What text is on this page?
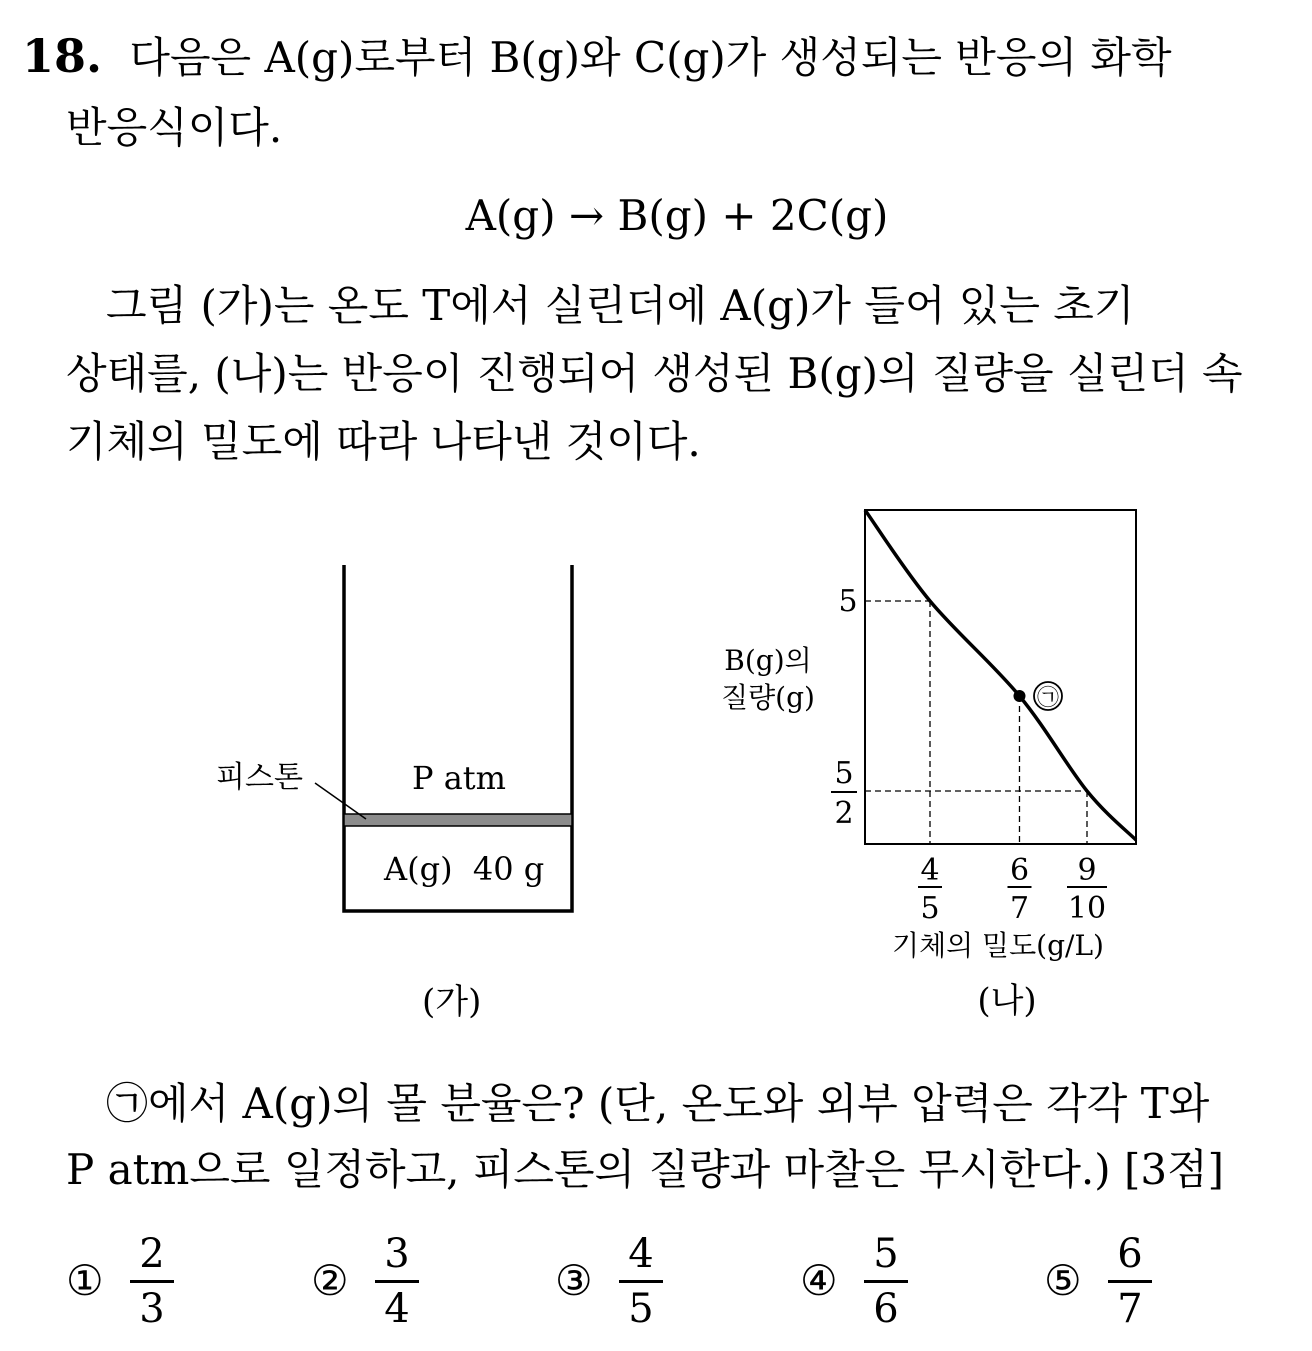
18. 다음은 A(g)로부터 B(g)와 C(g)가 생성되는 반응의 화학
반응식이다.
A(g) → B(g) + 2C(g)
그림 (가)는 온도 T에서 실린더에 A(g)가 들어 있는 초기
상태를, (나)는 반응이 진행되어 생성된 B(g)의 질량을 실린더 속
기체의 밀도에 따라 나타낸 것이다.
피스톤	P atm
A(g)  40 g
(가)
㉠
5
5
2
4
5
6
7
9
10
B(g)의
질량(g)
기체의 밀도(g/L)
(나)
㉠에서 A(g)의 몰 분율은? (단, 온도와 외부 압력은 각각 T와
P atm으로 일정하고, 피스톤의 질량과 마찰은 무시한다.) [3점]
①
2
3
②
3
4
③
4
5
④
5
6
⑤
6
7
